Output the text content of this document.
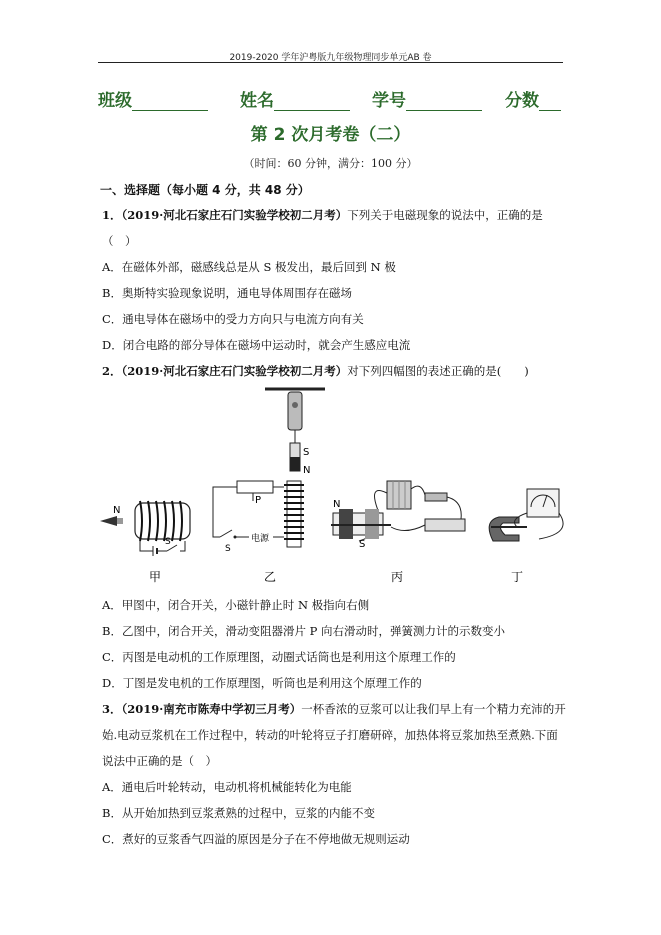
2019-2020 学年沪粤版九年级物理同步单元AB 卷
班级	姓名	学号	分数
第 2 次月考卷（二）
（时间：60 分钟，满分：100 分）
一、选择题（每小题 4 分，共 48 分）
1．（2019·河北石家庄石门实验学校初二月考）下列关于电磁现象的说法中，正确的是
（　）
A．在磁体外部，磁感线总是从 S 极发出，最后回到 N 极
B．奥斯特实验现象说明，通电导体周围存在磁场
C．通电导体在磁场中的受力方向只与电流方向有关
D．闭合电路的部分导体在磁场中运动时，就会产生感应电流
2．（2019·河北石家庄石门实验学校初二月考）对下列四幅图的表述正确的是(　　)
N
S
S
N
P
S
电源
N
S
甲	乙	丙	丁
A．甲图中，闭合开关，小磁针静止时 N 极指向右侧
B．乙图中，闭合开关，滑动变阻器滑片 P 向右滑动时，弹簧测力计的示数变小
C．丙图是电动机的工作原理图，动圈式话筒也是利用这个原理工作的
D．丁图是发电机的工作原理图，听筒也是利用这个原理工作的
3．（2019·南充市陈寿中学初三月考）一杯香浓的豆浆可以让我们早上有一个精力充沛的开
始.电动豆浆机在工作过程中，转动的叶轮将豆子打磨研碎，加热体将豆浆加热至煮熟.下面
说法中正确的是（　）
A．通电后叶轮转动，电动机将机械能转化为电能
B．从开始加热到豆浆煮熟的过程中，豆浆的内能不变
C．煮好的豆浆香气四溢的原因是分子在不停地做无规则运动
